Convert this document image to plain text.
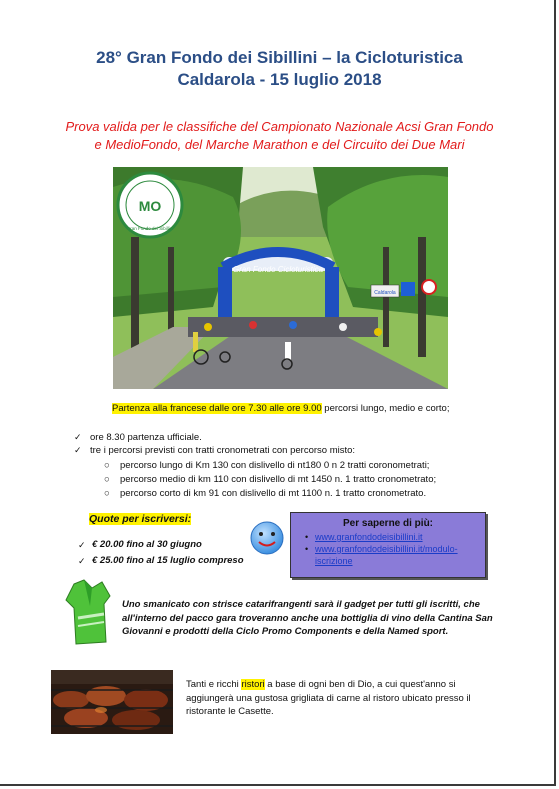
28° Gran Fondo dei Sibillini – la Cicloturistica
Caldarola - 15 luglio 2018
Prova valida per le classifiche del Campionato Nazionale Acsi Gran Fondo
e MedioFondo, del Marche Marathon e del Circuito dei Due Mari
Gran Fondo Cicloturistica
MO
Gran Fondo dei Sibillini
Caldarola
Partenza alla francese dalle ore 7.30 alle ore 9.00 percorsi lungo, medio e corto;
✓ ore 8.30 partenza ufficiale.
✓ tre i percorsi previsti con tratti cronometrati con percorso misto:
○ percorso lungo di Km 130 con dislivello di nt180 0 n 2 tratti coronometrati;
○ percorso medio di km 110 con dislivello di mt 1450 n. 1 tratto cronometrato;
○ percorso corto di km 91 con dislivello di mt 1100 n. 1 tratto cronometrato.
Quote per iscriversi:
✓ € 20.00 fino al 30 giugno
✓ € 25.00 fino al 15 luglio compreso
Per saperne di più:
• www.granfondodeisibillini.it
• www.granfondodeisibillini.it/modulo-iscrizione
Uno smanicato con strisce catarifrangenti sarà il gadget per tutti gli iscritti, che all'interno del pacco gara troveranno anche una bottiglia di vino della Cantina San Giovanni e prodotti della Ciclo Promo Components e della Named sport.
Tanti e ricchi ristori a base di ogni ben di Dio, a cui quest'anno si aggiungerà una gustosa grigliata di carne al ristoro ubicato presso il ristorante le Casette.
